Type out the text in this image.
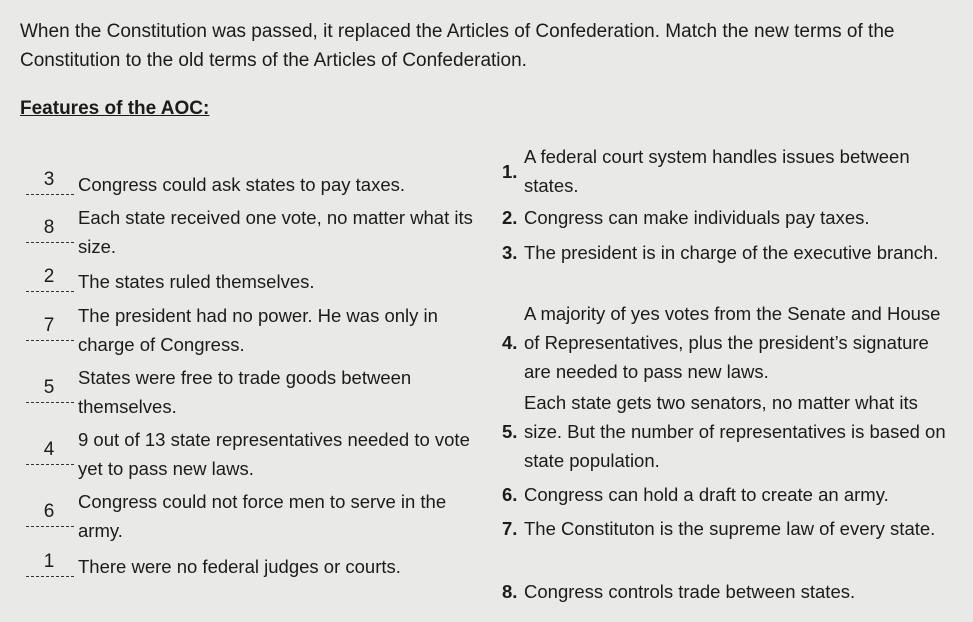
When the Constitution was passed, it replaced the Articles of Confederation. Match the new terms of the Constitution to the old terms of the Articles of Confederation.
Features of the AOC:
3	Congress could ask states to pay taxes.
8	Each state received one vote, no matter what its size.
2	The states ruled themselves.
7	The president had no power. He was only in charge of Congress.
5	States were free to trade goods between themselves.
4	9 out of 13 state representatives needed to vote yet to pass new laws.
6	Congress could not force men to serve in the army.
1	There were no federal judges or courts.
1.
A federal court system handles issues between states.
2. Congress can make individuals pay taxes.
3. The president is in charge of the executive branch.
4.
A majority of yes votes from the Senate and House of Representatives, plus the president’s signature are needed to pass new laws.
5.
Each state gets two senators, no matter what its size. But the number of representatives is based on state population.
6. Congress can hold a draft to create an army.
7. The Constituton is the supreme law of every state.
8. Congress controls trade between states.
